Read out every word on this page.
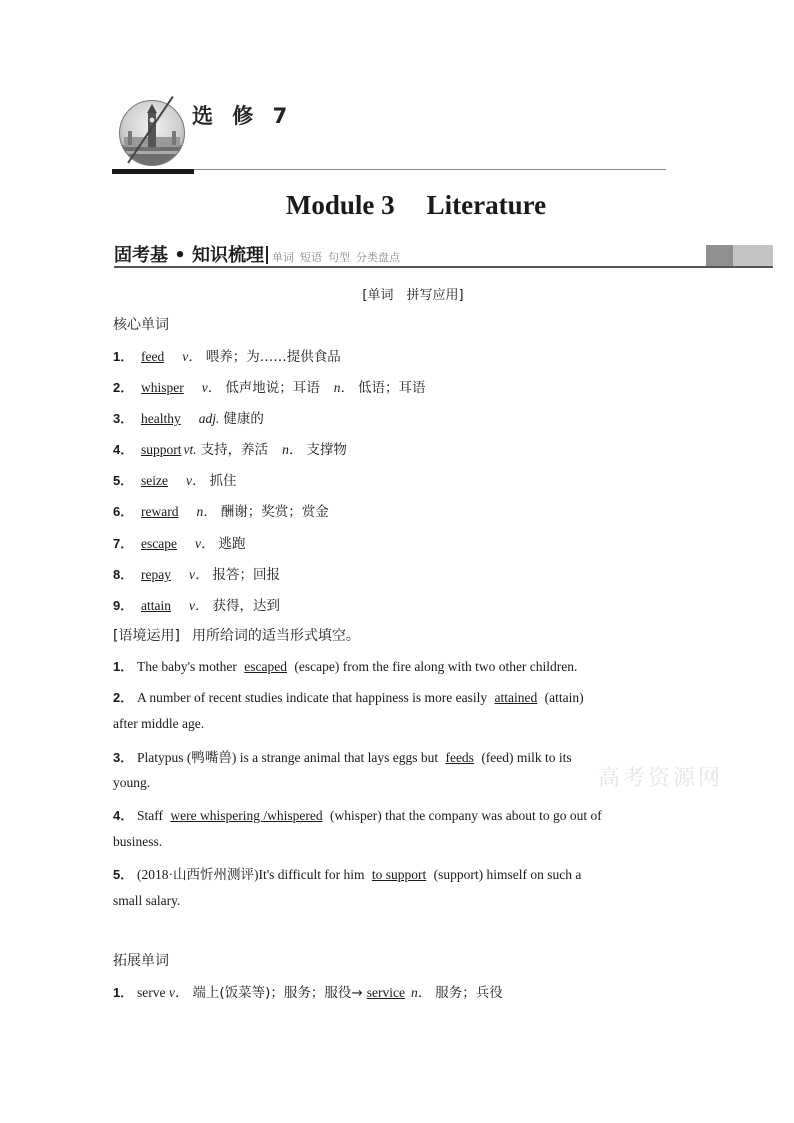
选 修 7
Module 3 Literature
固考基 • 知识梳理 单词 短语 句型 分类盘点
[单词　拼写应用]
核心单词
1． feed v． 喂养；为……提供食品
2． whisper v． 低声地说；耳语 n． 低语；耳语
3． healthy adj. 健康的
4． support vt. 支持，养活 n． 支撑物
5． seize v． 抓住
6． reward n． 酬谢；奖赏；赏金
7． escape v． 逃跑
8． repay v． 报答；回报
9． attain v． 获得，达到
[语境运用] 用所给词的适当形式填空。
1． The baby's mother escaped (escape) from the fire along with two other children.
2． A number of recent studies indicate that happiness is more easily attained (attain)
after middle age.
3． Platypus (鸭嘴兽) is a strange animal that lays eggs but feeds (feed) milk to its
young.
4． Staff were whispering /whispered (whisper) that the company was about to go out of
business.
5． (2018·山西忻州测评)It's difficult for him to support (support) himself on such a
small salary.
高考资源网
拓展单词
1． serve v． 端上(饭菜等)；服务；服役→ service n． 服务；兵役
